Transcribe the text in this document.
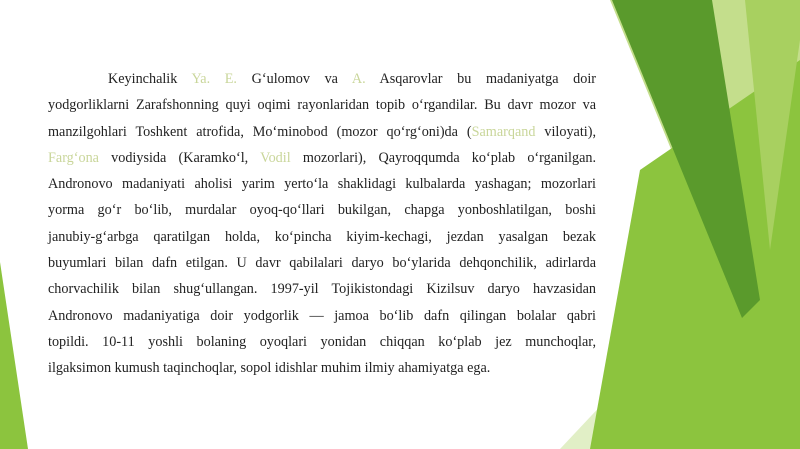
Keyinchalik Ya. E. G‘ulomov va A. Asqarovlar bu madaniyatga doir
yodgorliklarni Zarafshonning quyi oqimi rayonlaridan topib o‘rgandilar. Bu davr mozor va
manzilgohlari Toshkent atrofida, Mo‘minobod (mozor qo‘rg‘oni)da (Samarqand viloyati),
Farg‘ona vodiysida (Karamko‘l, Vodil mozorlari), Qayroqqumda ko‘plab o‘rganilgan.
Andronovo madaniyati aholisi yarim yerto‘la shaklidagi kulbalarda yashagan; mozorlari
yorma go‘r bo‘lib, murdalar oyoq-qo‘llari bukilgan, chapga yonboshlatilgan, boshi
janubiy-g‘arbga qaratilgan holda, ko‘pincha kiyim-kechagi, jezdan yasalgan bezak
buyumlari bilan dafn etilgan. U davr qabilalari daryo bo‘ylarida dehqonchilik, adirlarda
chorvachilik bilan shug‘ullangan. 1997-yil Tojikistondagi Kizilsuv daryo havzasidan
Andronovo madaniyatiga doir yodgorlik — jamoa bo‘lib dafn qilingan bolalar qabri
topildi. 10-11 yoshli bolaning oyoqlari yonidan chiqqan ko‘plab jez munchoqlar,
ilgaksimon kumush taqinchoqlar, sopol idishlar muhim ilmiy ahamiyatga ega.
